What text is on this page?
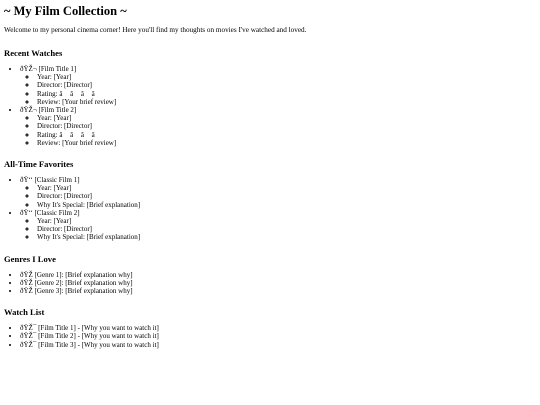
~ My Film Collection ~

Welcome to my personal cinema corner! Here you'll find my thoughts on movies I've watched and loved.

Recent Watches
• ðŸŽ¬ [Film Title 1]
◦ Year: [Year]
◦ Director: [Director]
◦ Rating: â â â â
◦ Review: [Your brief review]
• ðŸŽ¬ [Film Title 2]
◦ Year: [Year]
◦ Director: [Director]
◦ Rating: â â â â
◦ Review: [Your brief review]
All-Time Favorites
• ðŸ‘‘ [Classic Film 1]
◦ Year: [Year]
◦ Director: [Director]
◦ Why It's Special: [Brief explanation]
• ðŸ‘‘ [Classic Film 2]
◦ Year: [Year]
◦ Director: [Director]
◦ Why It's Special: [Brief explanation]
Genres I Love
• ðŸŽ [Genre 1]: [Brief explanation why]
• ðŸŽ [Genre 2]: [Brief explanation why]
• ðŸŽ [Genre 3]: [Brief explanation why]
Watch List
• ðŸŽ¯ [Film Title 1] - [Why you want to watch it]
• ðŸŽ¯ [Film Title 2] - [Why you want to watch it]
• ðŸŽ¯ [Film Title 3] - [Why you want to watch it]
